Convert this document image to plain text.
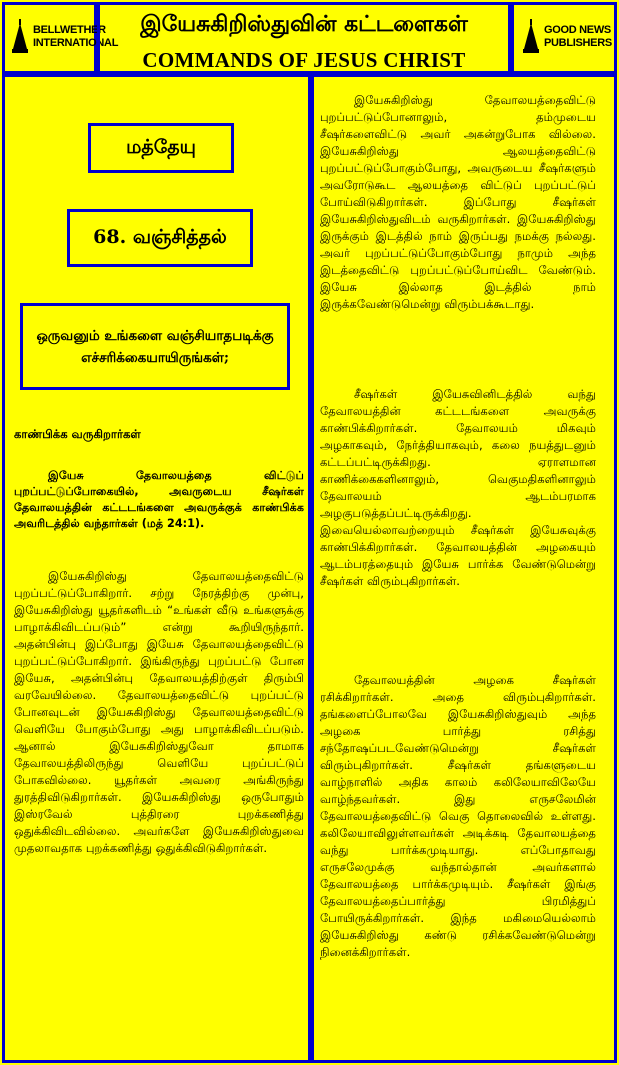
BELLWETHER
INTERNATIONAL
இயேசுகிறிஸ்துவின் கட்டளைகள்
COMMANDS OF JESUS CHRIST
GOOD NEWS
PUBLISHERS
மத்தேயு
68. வஞ்சித்தல்
ஒருவனும் உங்களை வஞ்சியாதபடிக்கு எச்சரிக்கையாயிருங்கள்;
காண்பிக்க வருகிறார்கள்

இயேசு தேவாலயத்தை விட்டுப் புறப்பட்டுப்போகையில், அவருடைய சீஷர்கள் தேவாலயத்தின் கட்டடங்களை அவருக்குக் காண்பிக்க அவரிடத்தில் வந்தார்கள் (மத் 24:1).

இயேசுகிறிஸ்து தேவாலயத்தைவிட்டு புறப்பட்டுப்போகிறார். சற்று நேரத்திற்கு முன்பு, இயேசுகிறிஸ்து யூதர்களிடம் “உங்கள் வீடு உங்களுக்கு பாழாக்கிவிடப்படும்” என்று கூறியிருந்தார். அதன்பின்பு இப்போது இயேசு தேவாலயத்தைவிட்டு புறப்பட்டுப்போகிறார். இங்கிருந்து புறப்பட்டு போன இயேசு, அதன்பின்பு தேவாலயத்திற்குள் திரும்பி வரவேயில்லை. தேவாலயத்தைவிட்டு புறப்பட்டு போனவுடன் இயேசுகிறிஸ்து தேவாலயத்தைவிட்டு வெளியே போகும்போது அது பாழாக்கிவிடப்படும். ஆனால் இயேசுகிறிஸ்துவோ தாமாக தேவாலயத்திலிருந்து வெளியே புறப்பட்டுப் போகவில்லை. யூதர்கள் அவரை அங்கிருந்து துரத்திவிடுகிறார்கள். இயேசுகிறிஸ்து ஒருபோதும் இஸ்ரவேல் புத்திரரை புறக்கணித்து ஒதுக்கிவிடவில்லை. அவர்களே இயேசுகிறிஸ்துவை முதலாவதாக புறக்கணித்து ஒதுக்கிவிடுகிறார்கள்.

இயேசுகிறிஸ்து தேவாலயத்தைவிட்டு புறப்பட்டுப்போனாலும், தம்முடைய சீஷர்களைவிட்டு அவர் அகன்றுபோக வில்லை. இயேசுகிறிஸ்து ஆலயத்தைவிட்டு புறப்பட்டுப்போகும்போது, அவருடைய சீஷர்களும் அவரோடுகூட ஆலயத்தை விட்டுப் புறப்பட்டுப் போய்விடுகிறார்கள். இப்போது சீஷர்கள் இயேசுகிறிஸ்துவிடம் வருகிறார்கள். இயேசுகிறிஸ்து இருக்கும் இடத்தில் நாம் இருப்பது நமக்கு நல்லது. அவர் புறப்பட்டுப்போகும்போது நாமும் அந்த இடத்தைவிட்டு புறப்பட்டுப்போய்விட வேண்டும். இயேசு இல்லாத இடத்தில் நாம் இருக்கவேண்டுமென்று விரும்பக்கூடாது.

சீஷர்கள் இயேசுவினிடத்தில் வந்து தேவாலயத்தின் கட்டடங்களை அவருக்கு காண்பிக்கிறார்கள். தேவாலயம் மிகவும் அழகாகவும், நேர்த்தியாகவும், கலை நயத்துடனும் கட்டப்பட்டிருக்கிறது. ஏராளமான காணிக்கைகளினாலும், வெகுமதிகளினாலும் தேவாலயம் ஆடம்பரமாக அழகுபடுத்தப்பட்டிருக்கிறது. இவையெல்லாவற்றையும் சீஷர்கள் இயேசுவுக்கு காண்பிக்கிறார்கள். தேவாலயத்தின் அழகையும் ஆடம்பரத்தையும் இயேசு பார்க்க வேண்டுமென்று சீஷர்கள் விரும்புகிறார்கள்.

தேவாலயத்தின் அழகை சீஷர்கள் ரசிக்கிறார்கள். அதை விரும்புகிறார்கள். தங்களைப்போலவே இயேசுகிறிஸ்துவும் அந்த அழகை பார்த்து ரசித்து சந்தோஷப்படவேண்டுமென்று சீஷர்கள் விரும்புகிறார்கள். சீஷர்கள் தங்களுடைய வாழ்நாளில் அதிக காலம் கலிலேயாவிலேயே வாழ்ந்தவர்கள். இது எருசலேமின் தேவாலயத்தைவிட்டு வெகு தொலைவில் உள்ளது. கலிலேயாவிலுள்ளவர்கள் அடிக்கடி தேவாலயத்தை வந்து பார்க்கமுடியாது. எப்போதாவது எருசலேமுக்கு வந்தால்தான் அவர்களால் தேவாலயத்தை பார்க்கமுடியும். சீஷர்கள் இங்கு தேவாலயத்தைப்பார்த்து பிரமித்துப் போயிருக்கிறார்கள். இந்த மகிமையெல்லாம் இயேசுகிறிஸ்து கண்டு ரசிக்கவேண்டுமென்று நினைக்கிறார்கள்.
